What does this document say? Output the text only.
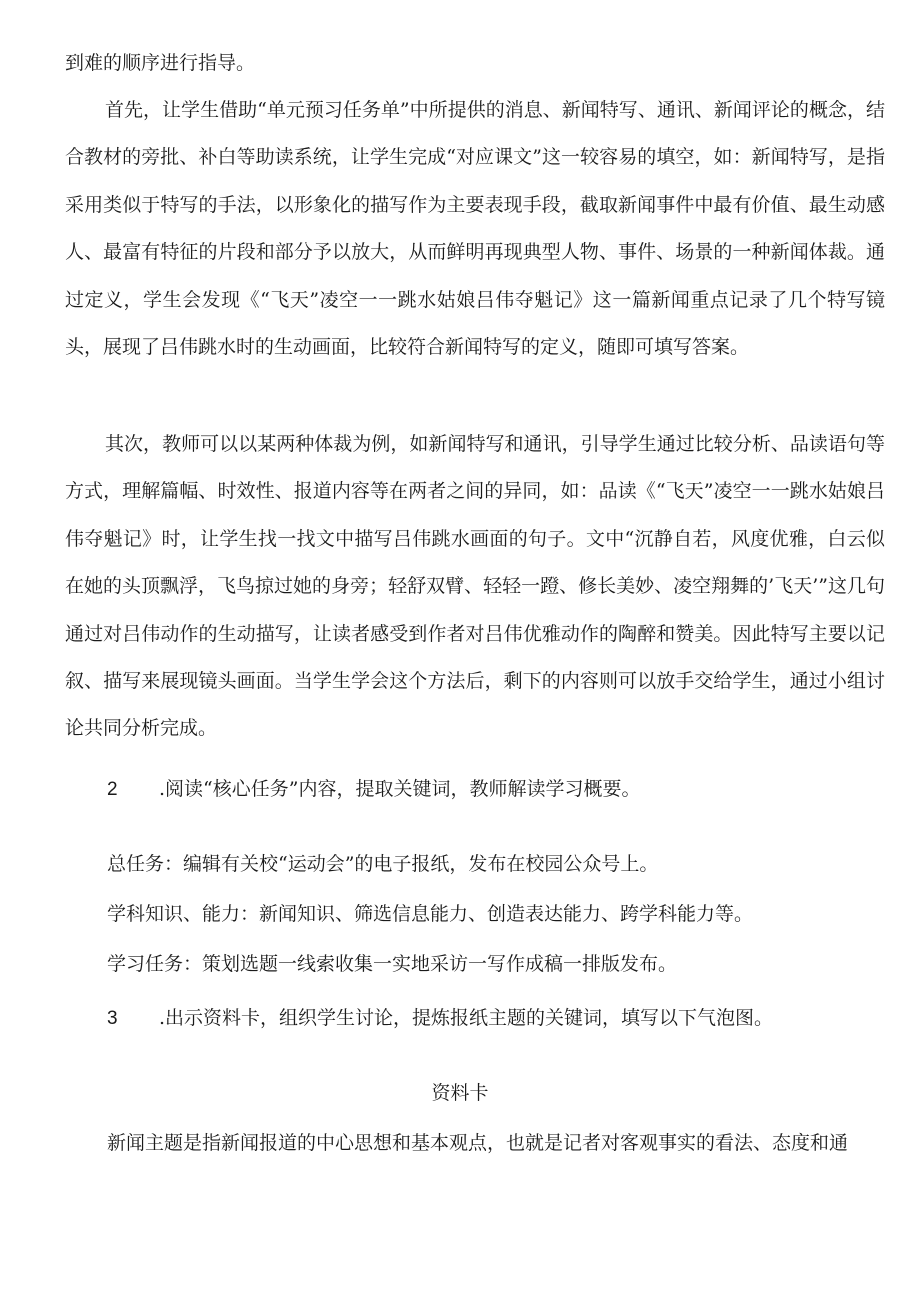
到难的顺序进行指导。

首先，让学生借助“单元预习任务单”中所提供的消息、新闻特写、通讯、新闻评论的概念，结合教材的旁批、补白等助读系统，让学生完成“对应课文”这一较容易的填空，如：新闻特写，是指采用类似于特写的手法，以形象化的描写作为主要表现手段，截取新闻事件中最有价值、最生动感人、最富有特征的片段和部分予以放大，从而鲜明再现典型人物、事件、场景的一种新闻体裁。通过定义，学生会发现《“飞天”凌空一一跳水姑娘吕伟夺魁记》这一篇新闻重点记录了几个特写镜头，展现了吕伟跳水时的生动画面，比较符合新闻特写的定义，随即可填写答案。

其次，教师可以以某两种体裁为例，如新闻特写和通讯，引导学生通过比较分析、品读语句等方式，理解篇幅、时效性、报道内容等在两者之间的异同，如：品读《“飞天”凌空一一跳水姑娘吕伟夺魁记》时，让学生找一找文中描写吕伟跳水画面的句子。文中“沉静自若，风度优雅，白云似在她的头顶飘浮，飞鸟掠过她的身旁；轻舒双臂、轻轻一蹬、修长美妙、凌空翔舞的’飞天’”这几句通过对吕伟动作的生动描写，让读者感受到作者对吕伟优雅动作的陶醉和赞美。因此特写主要以记叙、描写来展现镜头画面。当学生学会这个方法后，剩下的内容则可以放手交给学生，通过小组讨论共同分析完成。

2 .阅读“核心任务”内容，提取关键词，教师解读学习概要。

总任务：编辑有关校“运动会”的电子报纸，发布在校园公众号上。

学科知识、能力：新闻知识、筛选信息能力、创造表达能力、跨学科能力等。

学习任务：策划选题一线索收集一实地采访一写作成稿一排版发布。

3 .出示资料卡，组织学生讨论，提炼报纸主题的关键词，填写以下气泡图。

资料卡

新闻主题是指新闻报道的中心思想和基本观点，也就是记者对客观事实的看法、态度和通
